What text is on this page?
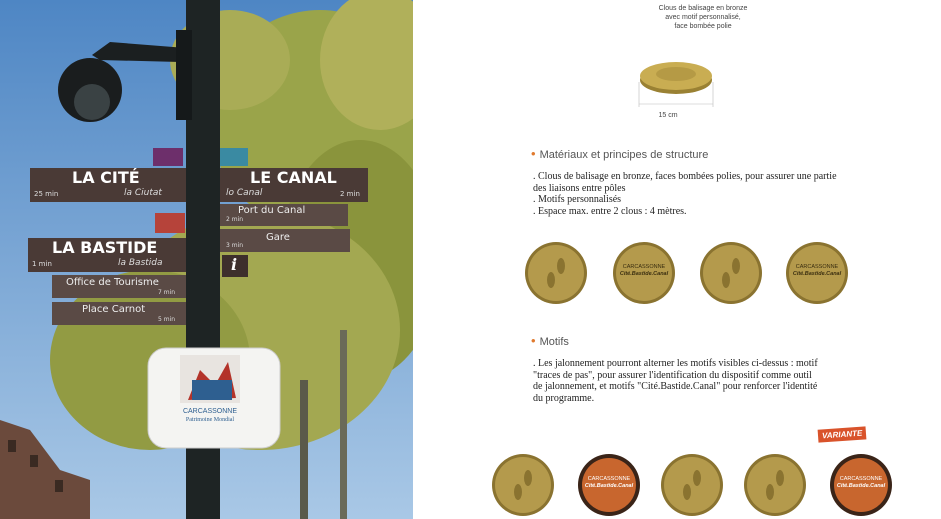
LA CITÉ
la Ciutat
25 min
LA BASTIDE
la Bastida
1 min
Office de Tourisme
7 min
Place Carnot
5 min
LE CANAL
lo Canal	2 min
Port du Canal
2 min
Gare
3 min
i
CARCASSONNE
Patrimoine Mondial
Clous de balisage en bronze
avec motif personnalisé,
face bombée polie
15 cm
• Matériaux et principes de structure
. Clous de balisage en bronze, faces bombées polies, pour assurer une partie
des liaisons entre pôles
. Motifs personnalisés
. Espace max. entre 2 clous : 4 mètres.
CARCASSONNE
Cité.Bastide.Canal
CARCASSONNE
Cité.Bastide.Canal
• Motifs
. Les jalonnement pourront alterner les motifs visibles ci-dessus : motif
"traces de pas", pour assurer l'identification du dispositif comme outil
de jalonnement, et motifs "Cité.Bastide.Canal" pour renforcer l'identité
du programme.
VARIANTE
CARCASSONNE
Cité.Bastide.Canal
CARCASSONNE
Cité.Bastide.Canal
